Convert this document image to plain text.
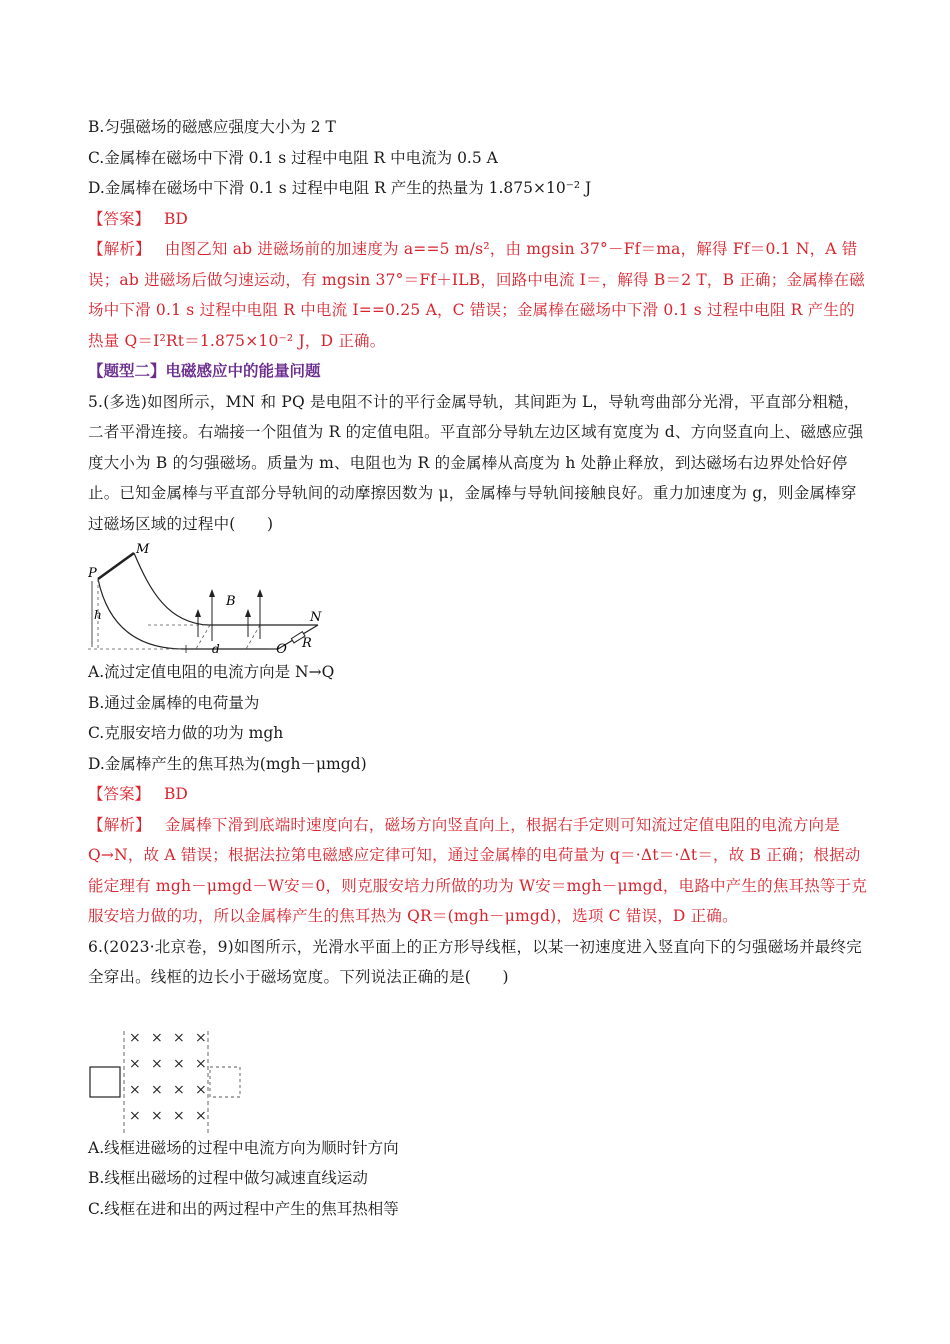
B.匀强磁场的磁感应强度大小为 2 T
C.金属棒在磁场中下滑 0.1 s 过程中电阻 R 中电流为 0.5 A
D.金属棒在磁场中下滑 0.1 s 过程中电阻 R 产生的热量为 1.875×10⁻² J
【答案】 BD
【解析】 由图乙知 ab 进磁场前的加速度为 a==5 m/s²，由 mgsin 37°－Ff＝ma，解得 Ff＝0.1 N，A 错误；ab 进磁场后做匀速运动，有 mgsin 37°＝Ff＋ILB，回路中电流 I＝，解得 B＝2 T，B 正确；金属棒在磁场中下滑 0.1 s 过程中电阻 R 中电流 I==0.25 A，C 错误；金属棒在磁场中下滑 0.1 s 过程中电阻 R 产生的热量 Q＝I²Rt＝1.875×10⁻² J，D 正确。
【题型二】电磁感应中的能量问题
5.(多选)如图所示，MN 和 PQ 是电阻不计的平行金属导轨，其间距为 L，导轨弯曲部分光滑，平直部分粗糙，二者平滑连接。右端接一个阻值为 R 的定值电阻。平直部分导轨左边区域有宽度为 d、方向竖直向上、磁感应强度大小为 B 的匀强磁场。质量为 m、电阻也为 R 的金属棒从高度为 h 处静止释放，到达磁场右边界处恰好停止。已知金属棒与平直部分导轨间的动摩擦因数为 μ，金属棒与导轨间接触良好。重力加速度为 g，则金属棒穿过磁场区域的过程中(　　)
M
P
h
B
N
d	Q R
A.流过定值电阻的电流方向是 N→Q
B.通过金属棒的电荷量为
C.克服安培力做的功为 mgh
D.金属棒产生的焦耳热为(mgh－μmgd)
【答案】 BD
【解析】 金属棒下滑到底端时速度向右，磁场方向竖直向上，根据右手定则可知流过定值电阻的电流方向是 Q→N，故 A 错误；根据法拉第电磁感应定律可知，通过金属棒的电荷量为 q＝·Δt＝·Δt＝，故 B 正确；根据动能定理有 mgh－μmgd－W安＝0，则克服安培力所做的功为 W安＝mgh－μmgd，电路中产生的焦耳热等于克服安培力做的功，所以金属棒产生的焦耳热为 QR＝(mgh－μmgd)，选项 C 错误，D 正确。
6.(2023·北京卷，9)如图所示，光滑水平面上的正方形导线框，以某一初速度进入竖直向下的匀强磁场并最终完全穿出。线框的边长小于磁场宽度。下列说法正确的是(　　)
× × × ×
× × × ×
× × × ×
× × × ×
A.线框进磁场的过程中电流方向为顺时针方向
B.线框出磁场的过程中做匀减速直线运动
C.线框在进和出的两过程中产生的焦耳热相等
